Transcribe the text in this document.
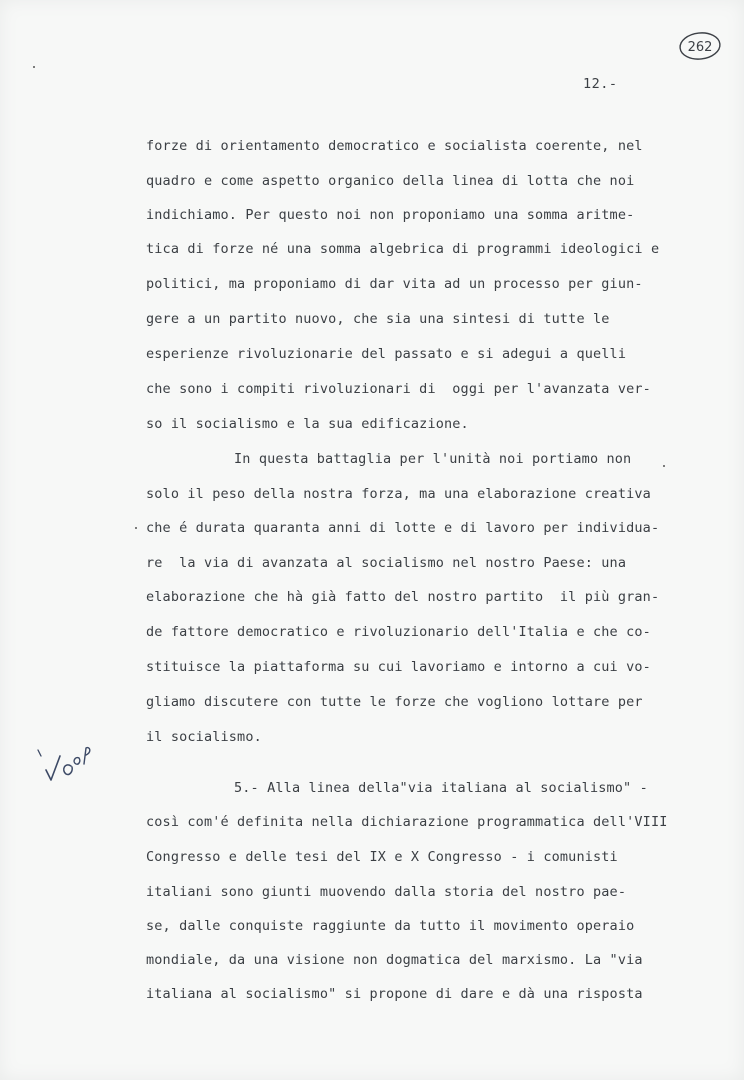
262
12.-
forze di orientamento democratico e socialista coerente, nel
quadro e come aspetto organico della linea di lotta che noi
indichiamo. Per questo noi non proponiamo una somma aritme-
tica di forze né una somma algebrica di programmi ideologici e
politici, ma proponiamo di dar vita ad un processo per giun-
gere a un partito nuovo, che sia una sintesi di tutte le
esperienze rivoluzionarie del passato e si adegui a quelli
che sono i compiti rivoluzionari di  oggi per l'avanzata ver-
so il socialismo e la sua edificazione.
In questa battaglia per l'unità noi portiamo non
solo il peso della nostra forza, ma una elaborazione creativa
che é durata quaranta anni di lotte e di lavoro per individua-
re  la via di avanzata al socialismo nel nostro Paese: una
elaborazione che hà già fatto del nostro partito  il più gran-
de fattore democratico e rivoluzionario dell'Italia e che co-
stituisce la piattaforma su cui lavoriamo e intorno a cui vo-
gliamo discutere con tutte le forze che vogliono lottare per
il socialismo.
5.- Alla linea della"via italiana al socialismo" -
così com'é definita nella dichiarazione programmatica dell'VIII
Congresso e delle tesi del IX e X Congresso - i comunisti
italiani sono giunti muovendo dalla storia del nostro pae-
se, dalle conquiste raggiunte da tutto il movimento operaio
mondiale, da una visione non dogmatica del marxismo. La "via
italiana al socialismo" si propone di dare e dà una risposta
